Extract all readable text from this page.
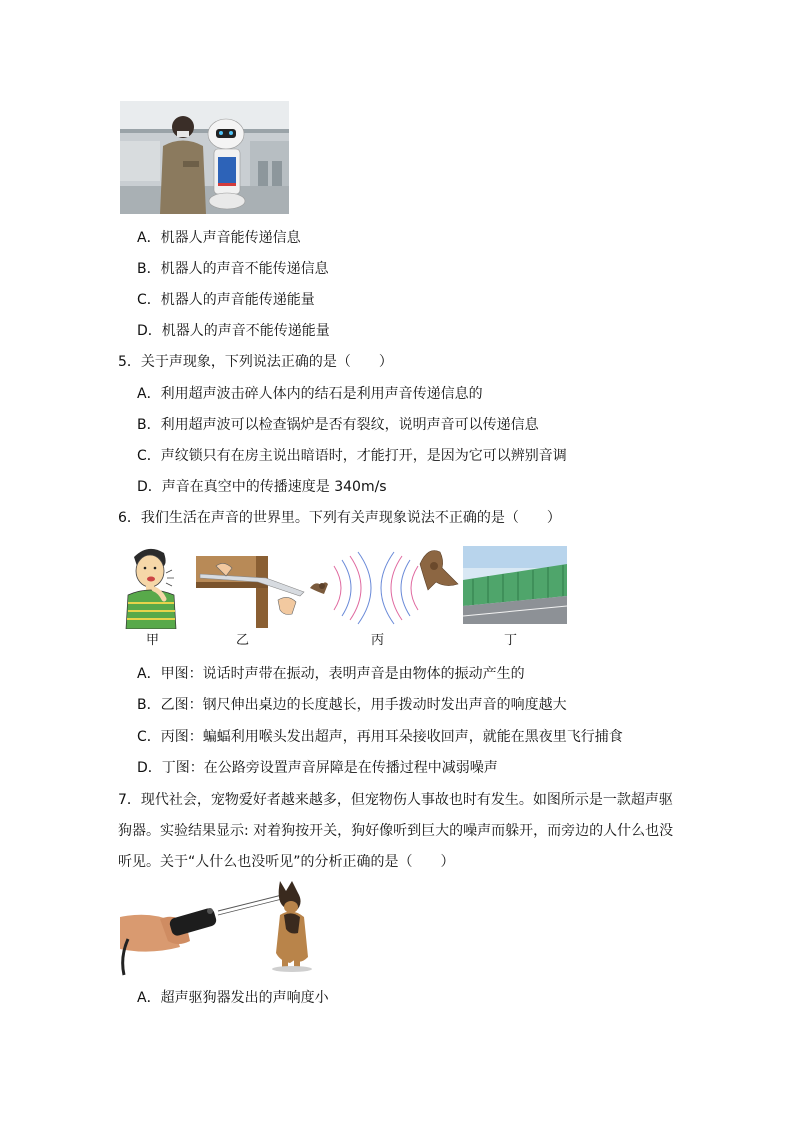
A．机器人声音能传递信息
B．机器人的声音不能传递信息
C．机器人的声音能传递能量
D．机器人的声音不能传递能量
5．关于声现象，下列说法正确的是（　　）
A．利用超声波击碎人体内的结石是利用声音传递信息的
B．利用超声波可以检查锅炉是否有裂纹，说明声音可以传递信息
C．声纹锁只有在房主说出暗语时，才能打开，是因为它可以辨别音调
D．声音在真空中的传播速度是 340m/s
6．我们生活在声音的世界里。下列有关声现象说法不正确的是（　　）
甲	乙	丙	丁
A．甲图：说话时声带在振动，表明声音是由物体的振动产生的
B．乙图：钢尺伸出桌边的长度越长，用手拨动时发出声音的响度越大
C．丙图：蝙蝠利用喉头发出超声，再用耳朵接收回声，就能在黑夜里飞行捕食
D．丁图：在公路旁设置声音屏障是在传播过程中减弱噪声
7．现代社会，宠物爱好者越来越多，但宠物伤人事故也时有发生。如图所示是一款超声驱
狗器。实验结果显示: 对着狗按开关，狗好像听到巨大的噪声而躲开，而旁边的人什么也没
听见。关于“人什么也没听见”的分析正确的是（　　）
A．超声驱狗器发出的声响度小
